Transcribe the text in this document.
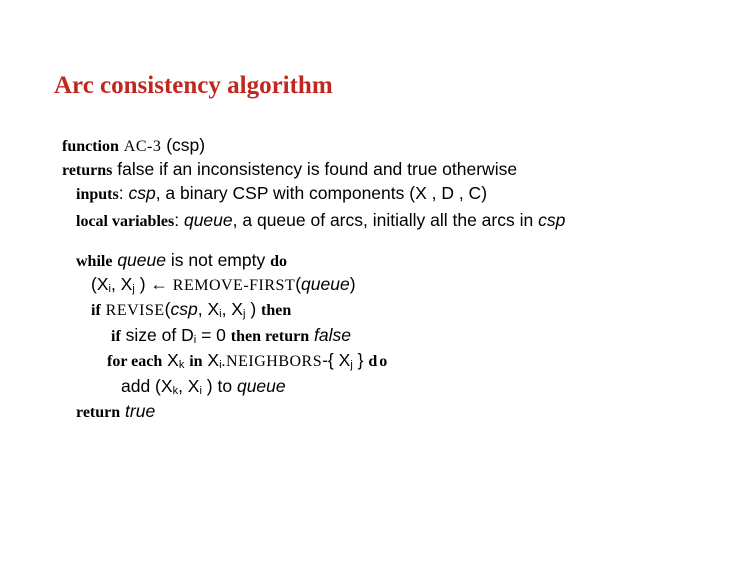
Arc consistency algorithm
function AC-3 (csp)
returns false if an inconsistency is found and true otherwise
inputs: csp, a binary CSP with components (X , D , C)
local variables: queue, a queue of arcs, initially all the arcs in csp
while queue is not empty do
(Xi, Xj ) ← REMOVE-FIRST(queue)
if REVISE(csp, Xi, Xj ) then
if size of Di = 0 then return false
for each Xk in Xi.NEIGHBORS-{ Xj } do
add (Xk, Xi ) to queue
return true
